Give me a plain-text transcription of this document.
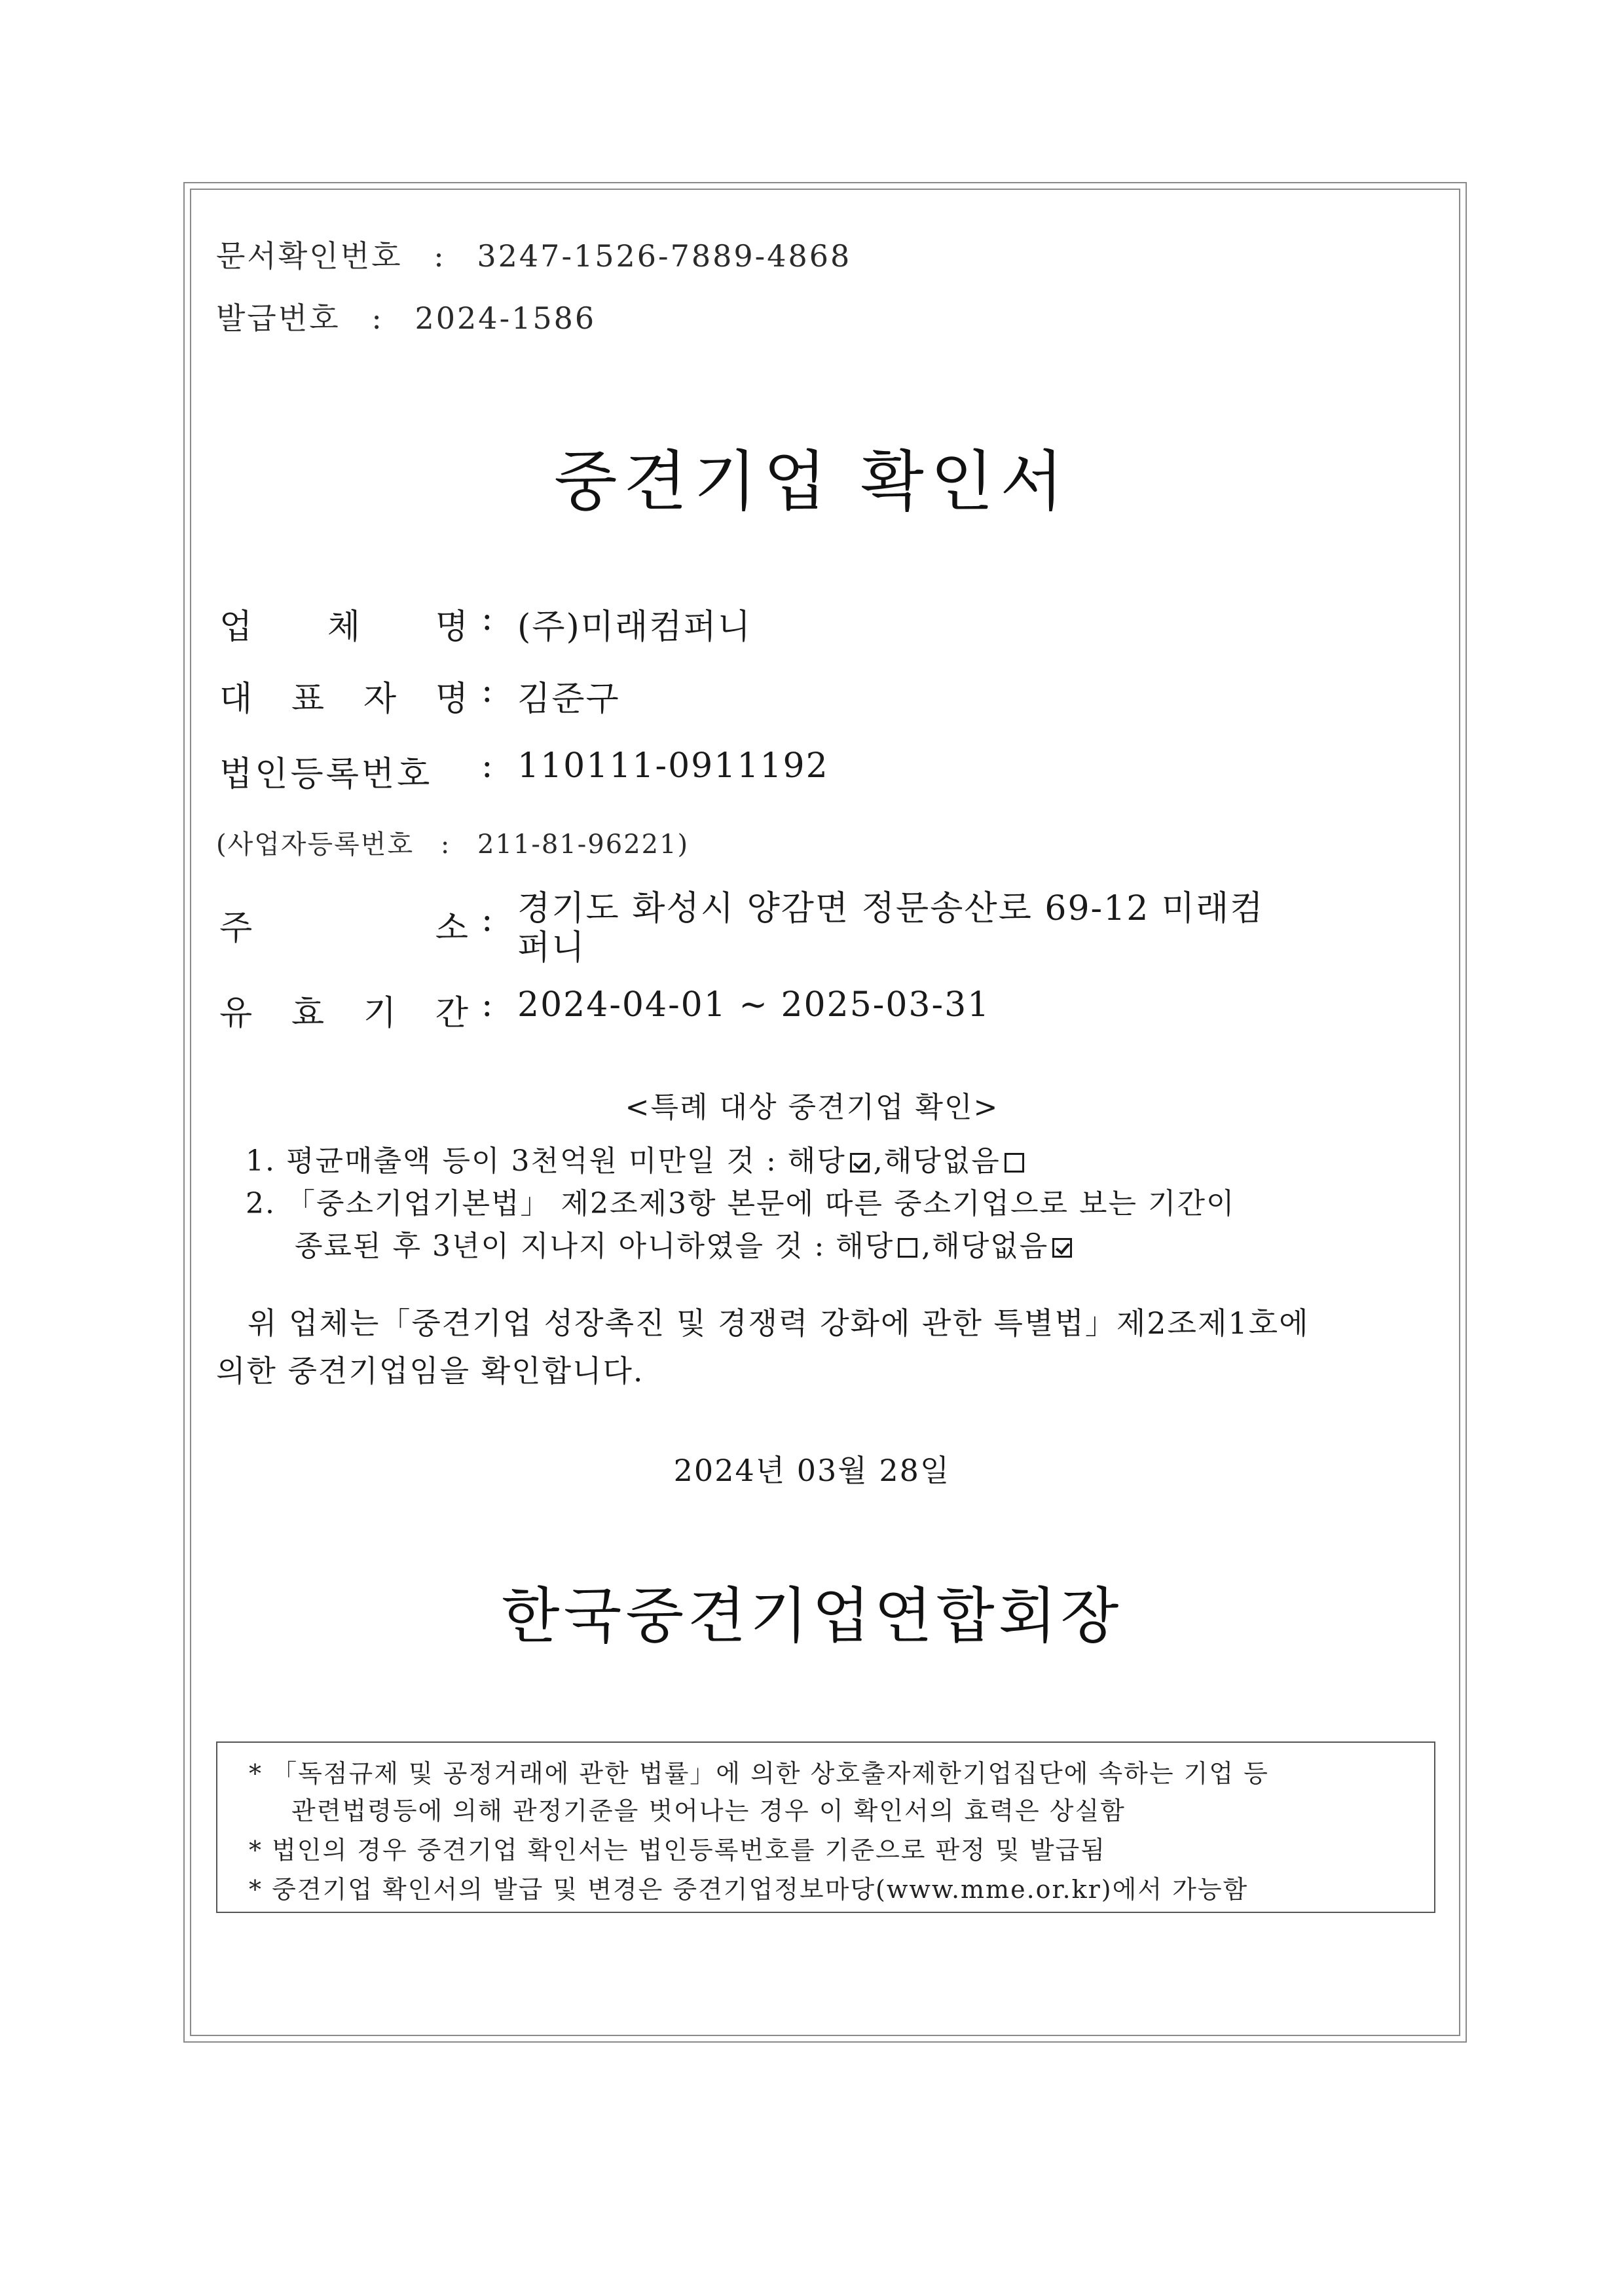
문서확인번호 : 3247-1526-7889-4868
발급번호 : 2024-1586
중견기업 확인서
업 체 명 : (주)미래컴퍼니
대 표 자 명 : 김준구
법인등록번호 : 110111-0911192
(사업자등록번호 : 211-81-96221)
주	소 : 경기도 화성시 양감면 정문송산로 69-12 미래컴
퍼니
유 효 기 간 : 2024-04-01 ~ 2025-03-31
<특례 대상 중견기업 확인>
1. 평균매출액 등이 3천억원 미만일 것 : 해당 ,해당없음
2. 「중소기업기본법」 제2조제3항 본문에 따른 중소기업으로 보는 기간이
종료된 후 3년이 지나지 아니하였을 것 : 해당 ,해당없음
위 업체는「중견기업 성장촉진 및 경쟁력 강화에 관한 특별법」제2조제1호에
의한 중견기업임을 확인합니다.
2024년 03월 28일
한국중견기업연합회장
* 「독점규제 및 공정거래에 관한 법률」에 의한 상호출자제한기업집단에 속하는 기업 등
관련법령등에 의해 관정기준을 벗어나는 경우 이 확인서의 효력은 상실함
* 법인의 경우 중견기업 확인서는 법인등록번호를 기준으로 판정 및 발급됨
* 중견기업 확인서의 발급 및 변경은 중견기업정보마당(www.mme.or.kr)에서 가능함
